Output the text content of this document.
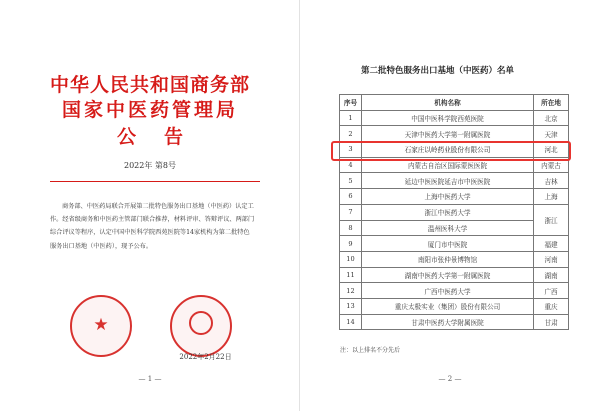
中华人民共和国商务部
国家中医药管理局
公告
2022年 第8号
商务部、中医药局联合开展第二批特色服务出口基地（中医药）认定工作。经省级商务和中医药主管部门联合推荐，材料评审、答辩评议、两部门综合评议等程序，认定中国中医科学院西苑医院等14家机构为第二批特色服务出口基地（中医药），现予公布。
★
2022年2月22日
— 1 —
第二批特色服务出口基地（中医药）名单
序号	机构名称	所在地
1	中国中医科学院西苑医院	北京
2	天津中医药大学第一附属医院	天津
3	石家庄以岭药业股份有限公司	河北
4	内蒙古自治区国际蒙医医院	内蒙古
5	延边中医医院延吉市中医医院	吉林
6	上海中医药大学	上海
7	浙江中医药大学	浙江
8	温州医科大学	
9	厦门市中医院	福建
10	南阳市张仲景博物馆	河南
11	湖南中医药大学第一附属医院	湖南
12	广西中医药大学	广西
13	重庆太极实业（集团）股份有限公司	重庆
14	甘肃中医药大学附属医院	甘肃
注：以上排名不分先后
— 2 —
